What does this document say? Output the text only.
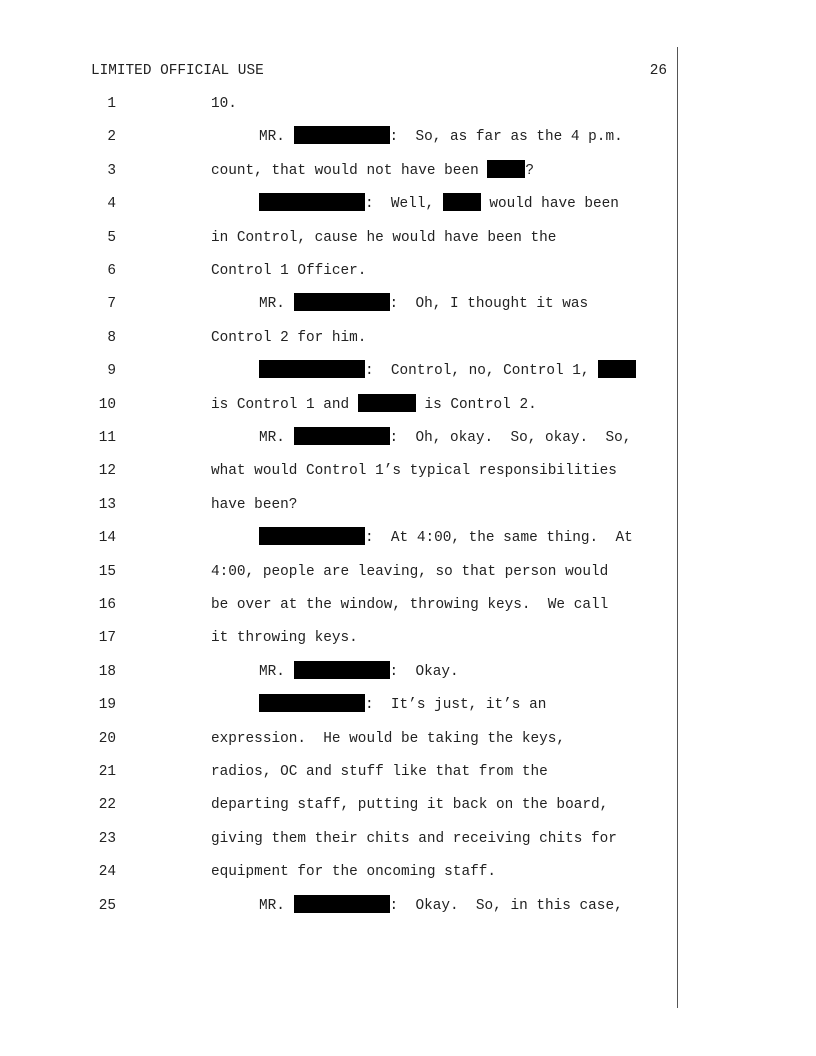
LIMITED OFFICIAL USE	26
1	10.
2	MR.	:  So, as far as the 4 p.m.
3	count, that would not have been	?
4	:  Well,	would have been
5	in Control, cause he would have been the
6	Control 1 Officer.
7	MR.	:  Oh, I thought it was
8	Control 2 for him.
9	:  Control, no, Control 1,
10	is Control 1 and	is Control 2.
11	MR.	:  Oh, okay.  So, okay.  So,
12	what would Control 1’s typical responsibilities
13	have been?
14	:  At 4:00, the same thing.  At
15	4:00, people are leaving, so that person would
16	be over at the window, throwing keys.  We call
17	it throwing keys.
18	MR.	:  Okay.
19	:  It’s just, it’s an
20	expression.  He would be taking the keys,
21	radios, OC and stuff like that from the
22	departing staff, putting it back on the board,
23	giving them their chits and receiving chits for
24	equipment for the oncoming staff.
25	MR.	:  Okay.  So, in this case,
